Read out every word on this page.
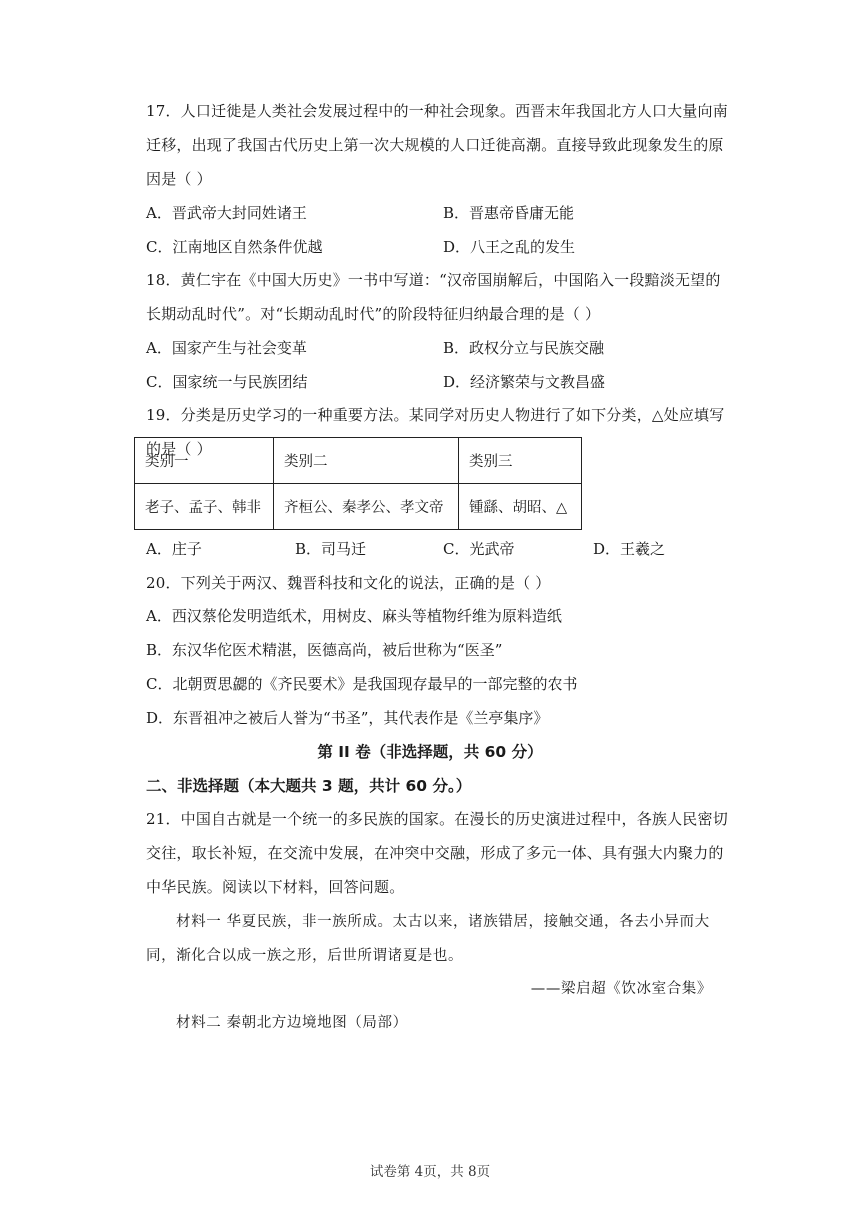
17．人口迁徙是人类社会发展过程中的一种社会现象。西晋末年我国北方人口大量向南
迁移，出现了我国古代历史上第一次大规模的人口迁徙高潮。直接导致此现象发生的原
因是（ ）
A．晋武帝大封同姓诸王	B．晋惠帝昏庸无能
C．江南地区自然条件优越	D．八王之乱的发生
18．黄仁宇在《中国大历史》一书中写道：“汉帝国崩解后，中国陷入一段黯淡无望的
长期动乱时代”。对“长期动乱时代”的阶段特征归纳最合理的是（ ）
A．国家产生与社会变革	B．政权分立与民族交融
C．国家统一与民族团结	D．经济繁荣与文教昌盛
19．分类是历史学习的一种重要方法。某同学对历史人物进行了如下分类，△处应填写
的是（ ）
类别一	类别二	类别三
老子、孟子、韩非	齐桓公、秦孝公、孝文帝	锺繇、胡昭、△
A．庄子	B．司马迁	C．光武帝	D．王羲之
20．下列关于两汉、魏晋科技和文化的说法，正确的是（ ）
A．西汉蔡伦发明造纸术，用树皮、麻头等植物纤维为原料造纸
B．东汉华佗医术精湛，医德高尚，被后世称为“医圣”
C．北朝贾思勰的《齐民要术》是我国现存最早的一部完整的农书
D．东晋祖冲之被后人誉为“书圣”，其代表作是《兰亭集序》
第 II 卷（非选择题，共 60 分）
二、非选择题（本大题共 3 题，共计 60 分。）
21．中国自古就是一个统一的多民族的国家。在漫长的历史演进过程中，各族人民密切
交往，取长补短，在交流中发展，在冲突中交融，形成了多元一体、具有强大内聚力的
中华民族。阅读以下材料，回答问题。
材料一 华夏民族，非一族所成。太古以来，诸族错居，接触交通，各去小异而大
同，渐化合以成一族之形，后世所谓诸夏是也。
——梁启超《饮冰室合集》
材料二 秦朝北方边境地图（局部）
试卷第 4页，共 8页
